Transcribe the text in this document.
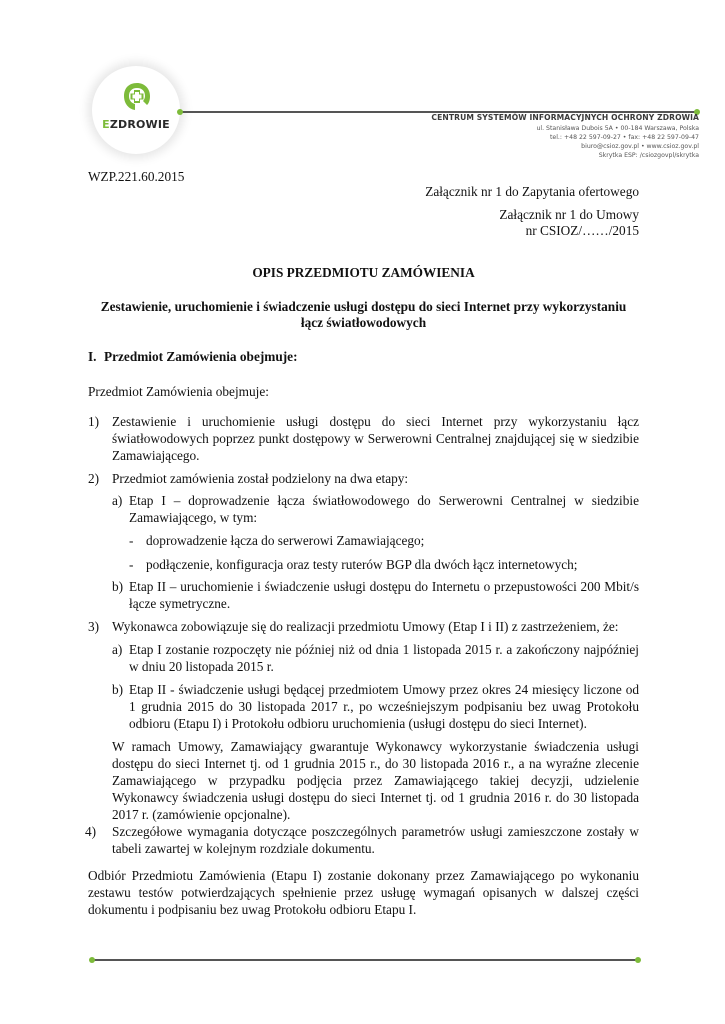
EZDROWIE
CENTRUM SYSTEMÓW INFORMACYJNYCH OCHRONY ZDROWIA
ul. Stanisława Dubois 5A • 00-184 Warszawa, Polska
tel.: +48 22 597-09-27 • fax: +48 22 597-09-47
biuro@csioz.gov.pl • www.csioz.gov.pl
Skrytka ESP: /csiozgovpl/skrytka
WZP.221.60.2015
Załącznik nr 1 do Zapytania ofertowego
Załącznik nr 1 do Umowy
nr CSIOZ/……/2015
OPIS PRZEDMIOTU ZAMÓWIENIA
Zestawienie, uruchomienie i świadczenie usługi dostępu do sieci Internet przy wykorzystaniu
łącz światłowodowych
I. Przedmiot Zamówienia obejmuje:
Przedmiot Zamówienia obejmuje:
1) Zestawienie i uruchomienie usługi dostępu do sieci Internet przy wykorzystaniu łącz światłowodowych poprzez punkt dostępowy w Serwerowni Centralnej znajdującej się w siedzibie Zamawiającego.
2) Przedmiot zamówienia został podzielony na dwa etapy:
a) Etap I – doprowadzenie łącza światłowodowego do Serwerowni Centralnej w siedzibie Zamawiającego, w tym:
- doprowadzenie łącza do serwerowi Zamawiającego;
- podłączenie, konfiguracja oraz testy ruterów BGP dla dwóch łącz internetowych;
b) Etap II – uruchomienie i świadczenie usługi dostępu do Internetu o przepustowości 200 Mbit/s łącze symetryczne.
3) Wykonawca zobowiązuje się do realizacji przedmiotu Umowy (Etap I i II) z zastrzeżeniem, że:
a) Etap I zostanie rozpoczęty nie później niż od dnia 1 listopada 2015 r. a zakończony najpóźniej w dniu 20 listopada 2015 r.
b) Etap II - świadczenie usługi będącej przedmiotem Umowy przez okres 24 miesięcy liczone od 1 grudnia 2015 do 30 listopada 2017 r., po wcześniejszym podpisaniu bez uwag Protokołu odbioru (Etapu I) i Protokołu odbioru uruchomienia (usługi dostępu do sieci Internet).
W ramach Umowy, Zamawiający gwarantuje Wykonawcy wykorzystanie świadczenia usługi dostępu do sieci Internet tj. od 1 grudnia 2015 r., do 30 listopada 2016 r., a na wyraźne zlecenie Zamawiającego w przypadku podjęcia przez Zamawiającego takiej decyzji, udzielenie Wykonawcy świadczenia usługi dostępu do sieci Internet tj. od 1 grudnia 2016 r. do 30 listopada 2017 r. (zamówienie opcjonalne).
4) Szczegółowe wymagania dotyczące poszczególnych parametrów usługi zamieszczone zostały w tabeli zawartej w kolejnym rozdziale dokumentu.
Odbiór Przedmiotu Zamówienia (Etapu I) zostanie dokonany przez Zamawiającego po wykonaniu zestawu testów potwierdzających spełnienie przez usługę wymagań opisanych w dalszej części dokumentu i podpisaniu bez uwag Protokołu odbioru Etapu I.
